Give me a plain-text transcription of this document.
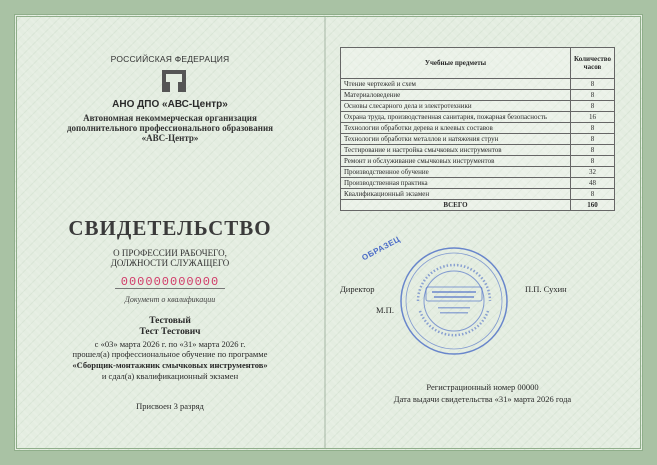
РОССИЙСКАЯ ФЕДЕРАЦИЯ
АНО ДПО «АВС-Центр»
Автономная некоммерческая организация
дополнительного профессионального образования
«АВС-Центр»
СВИДЕТЕЛЬСТВО
О ПРОФЕССИИ РАБОЧЕГО,
ДОЛЖНОСТИ СЛУЖАЩЕГО
000000000000
Документ о квалификации
Тестовый
Тест Тестович
с «03» марта 2026 г. по «31» марта 2026 г.
прошел(а) профессиональное обучение по программе
«Сборщик-монтажник смычковых инструментов»
и сдал(а) квалификационный экзамен
Присвоен 3 разряд
Учебные предметы	Количество часов
Чтение чертежей и схем	8
Материаловедение	8
Основы слесарного дела и электротехники	8
Охрана труда, производственная санитария, пожарная безопасность	16
Технологии обработки дерева и клеевых составов	8
Технологии обработки металлов и натяжения струн	8
Тестирование и настройка смычковых инструментов	8
Ремонт и обслуживание смычковых инструментов	8
Производственное обучение	32
Производственная практика	48
Квалификационный экзамен	8
ВСЕГО	160
ОБРАЗЕЦ
Директор	П.П. Сухин
М.П.
Регистрационный номер 00000
Дата выдачи свидетельства «31» марта 2026 года
